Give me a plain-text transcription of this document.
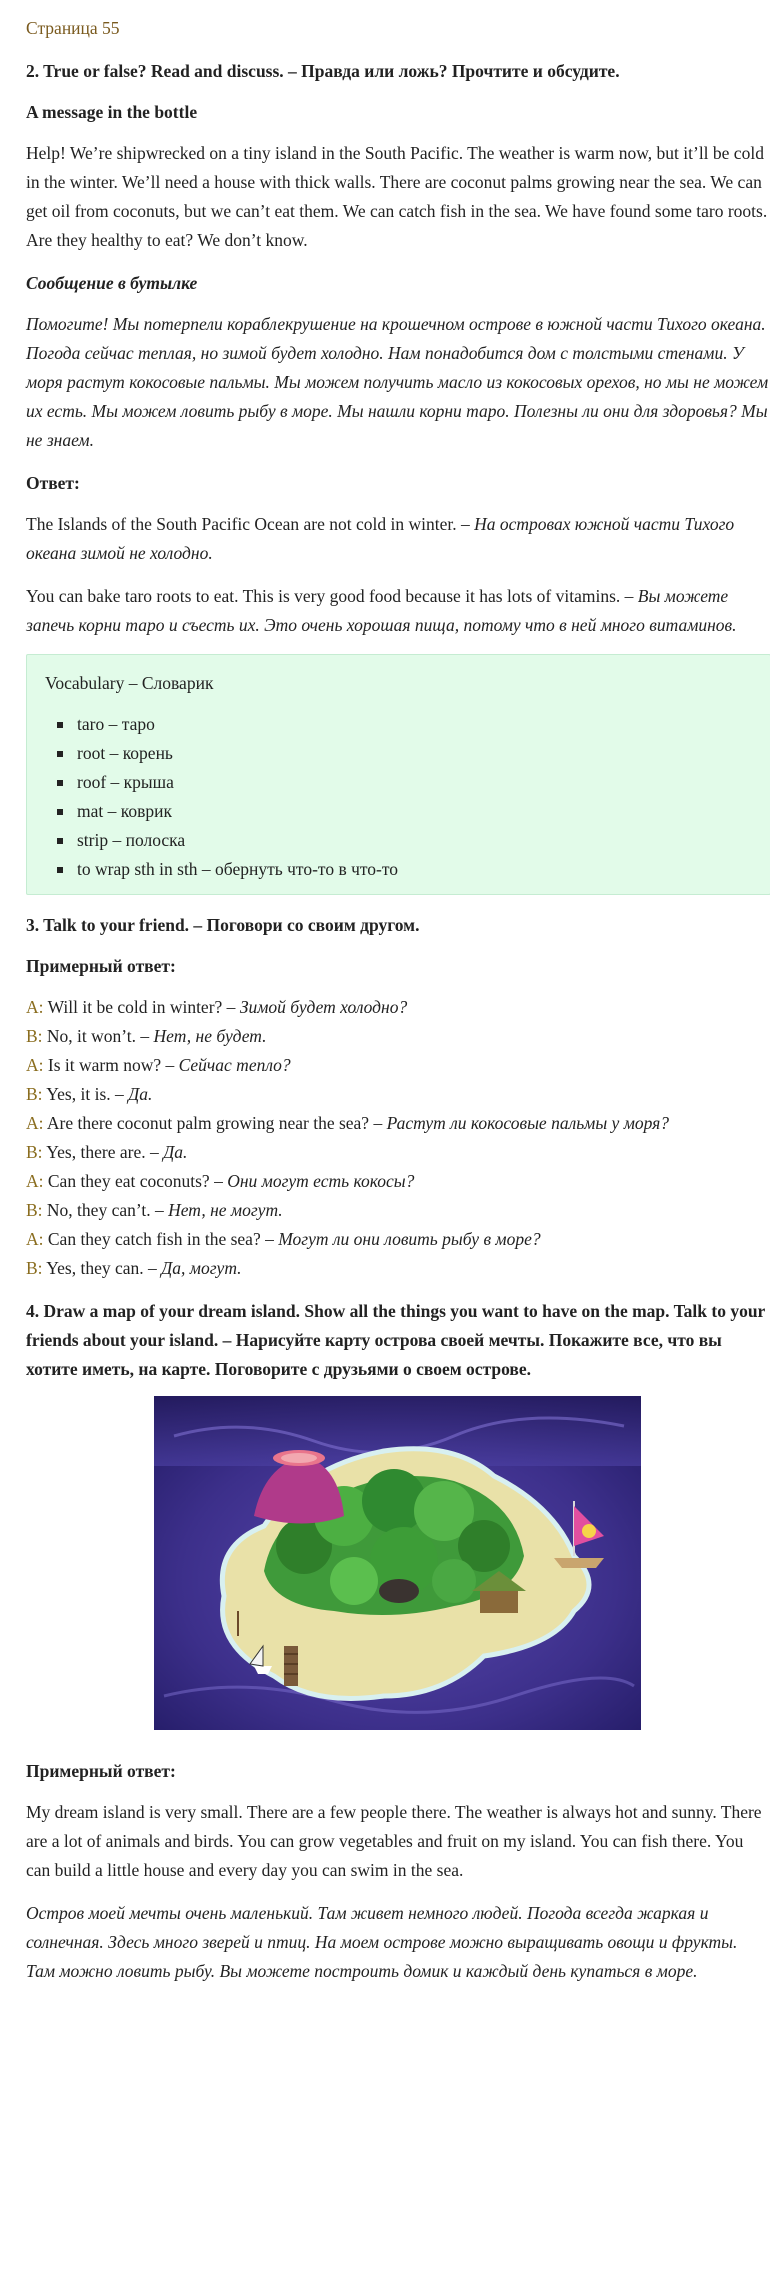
Страница 55

2. True or false? Read and discuss. – Правда или ложь? Прочтите и обсудите.

A message in the bottle

Help! We’re shipwrecked on a tiny island in the South Pacific. The weather is warm now, but it’ll be cold in the winter. We’ll need a house with thick walls. There are coconut palms growing near the sea. We can get oil from coconuts, but we can’t eat them. We can catch fish in the sea. We have found some taro roots. Are they healthy to eat? We don’t know.

Сообщение в бутылке

Помогите! Мы потерпели кораблекрушение на крошечном острове в южной части Тихого океана. Погода сейчас теплая, но зимой будет холодно. Нам понадобится дом с толстыми стенами. У моря растут кокосовые пальмы. Мы можем получить масло из кокосовых орехов, но мы не можем их есть. Мы можем ловить рыбу в море. Мы нашли корни таро. Полезны ли они для здоровья? Мы не знаем.

Ответ:

The Islands of the South Pacific Ocean are not cold in winter. – На островах южной части Тихого океана зимой не холодно.

You can bake taro roots to eat. This is very good food because it has lots of vitamins. – Вы можете запечь корни таро и съесть их. Это очень хорошая пища, потому что в ней много витаминов.

Vocabulary – Словарик

taro – таро
root – корень
roof – крыша
mat – коврик
strip – полоска
to wrap sth in sth – обернуть что-то в что-то

3. Talk to your friend. – Поговори со своим другом.

Примерный ответ:

A: Will it be cold in winter? – Зимой будет холодно?

B: No, it won’t. – Нет, не будет.

A: Is it warm now? – Сейчас тепло?

B: Yes, it is. – Да.

A: Are there coconut palm growing near the sea? – Растут ли кокосовые пальмы у моря?

B: Yes, there are. – Да.

A: Can they eat coconuts? – Они могут есть кокосы?

B: No, they can’t. – Нет, не могут.

A: Can they catch fish in the sea? – Могут ли они ловить рыбу в море?

B: Yes, they can. – Да, могут.

4. Draw a map of your dream island. Show all the things you want to have on the map. Talk to your friends about your island. – Нарисуйте карту острова своей мечты. Покажите все, что вы хотите иметь, на карте. Поговорите с друзьями о своем острове.

Примерный ответ:

My dream island is very small. There are a few people there. The weather is always hot and sunny. There are a lot of animals and birds. You can grow vegetables and fruit on my island. You can fish there. You can build a little house and every day you can swim in the sea.

Остров моей мечты очень маленький. Там живет немного людей. Погода всегда жаркая и солнечная. Здесь много зверей и птиц. На моем острове можно выращивать овощи и фрукты. Там можно ловить рыбу. Вы можете построить домик и каждый день купаться в море.
